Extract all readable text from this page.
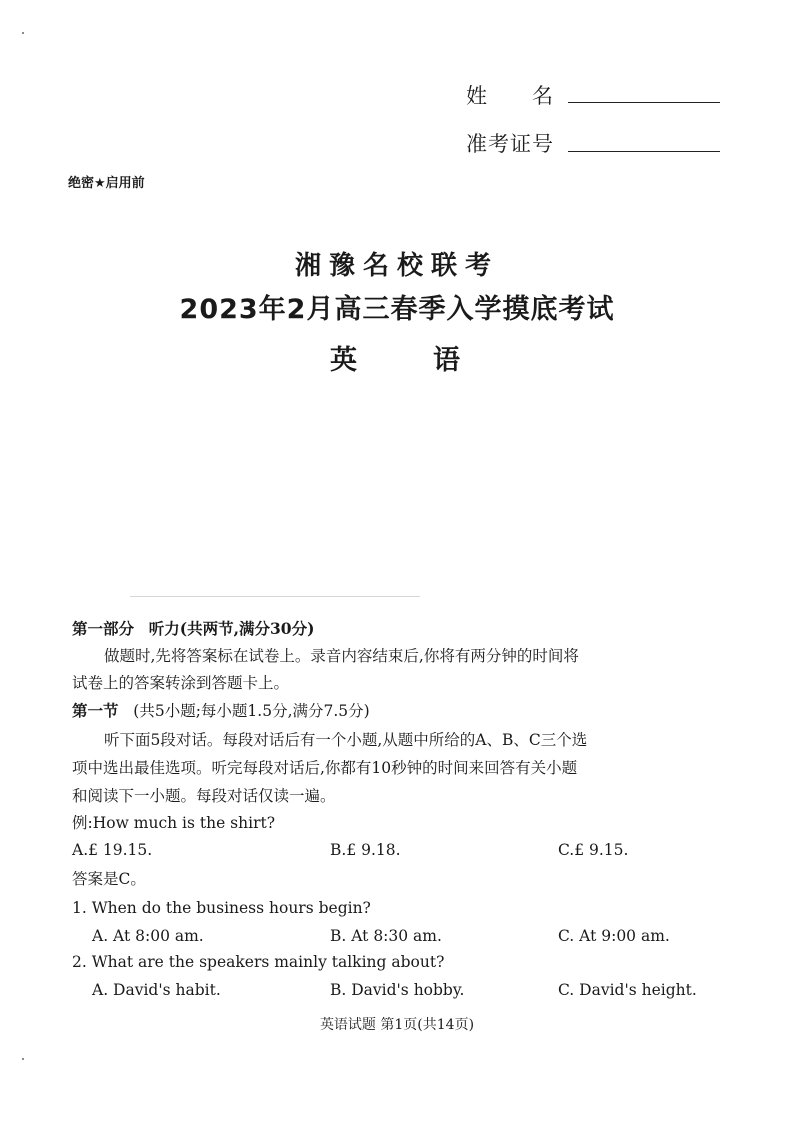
姓　　名
准考证号
绝密★启用前
湘豫名校联考
2023年2月高三春季入学摸底考试
英	语
第一部分 听力(共两节,满分30分)
做题时,先将答案标在试卷上。录音内容结束后,你将有两分钟的时间将
试卷上的答案转涂到答题卡上。
第一节 (共5小题;每小题1.5分,满分7.5分)
听下面5段对话。每段对话后有一个小题,从题中所给的A、B、C三个选
项中选出最佳选项。听完每段对话后,你都有10秒钟的时间来回答有关小题
和阅读下一小题。每段对话仅读一遍。
例:How much is the shirt?
A.£ 19.15.	B.£ 9.18.	C.£ 9.15.
答案是C。
1. When do the business hours begin?
A. At 8:00 am.	B. At 8:30 am.	C. At 9:00 am.
2. What are the speakers mainly talking about?
A. David's habit.	B. David's hobby.	C. David's height.
英语试题 第1页(共14页)
